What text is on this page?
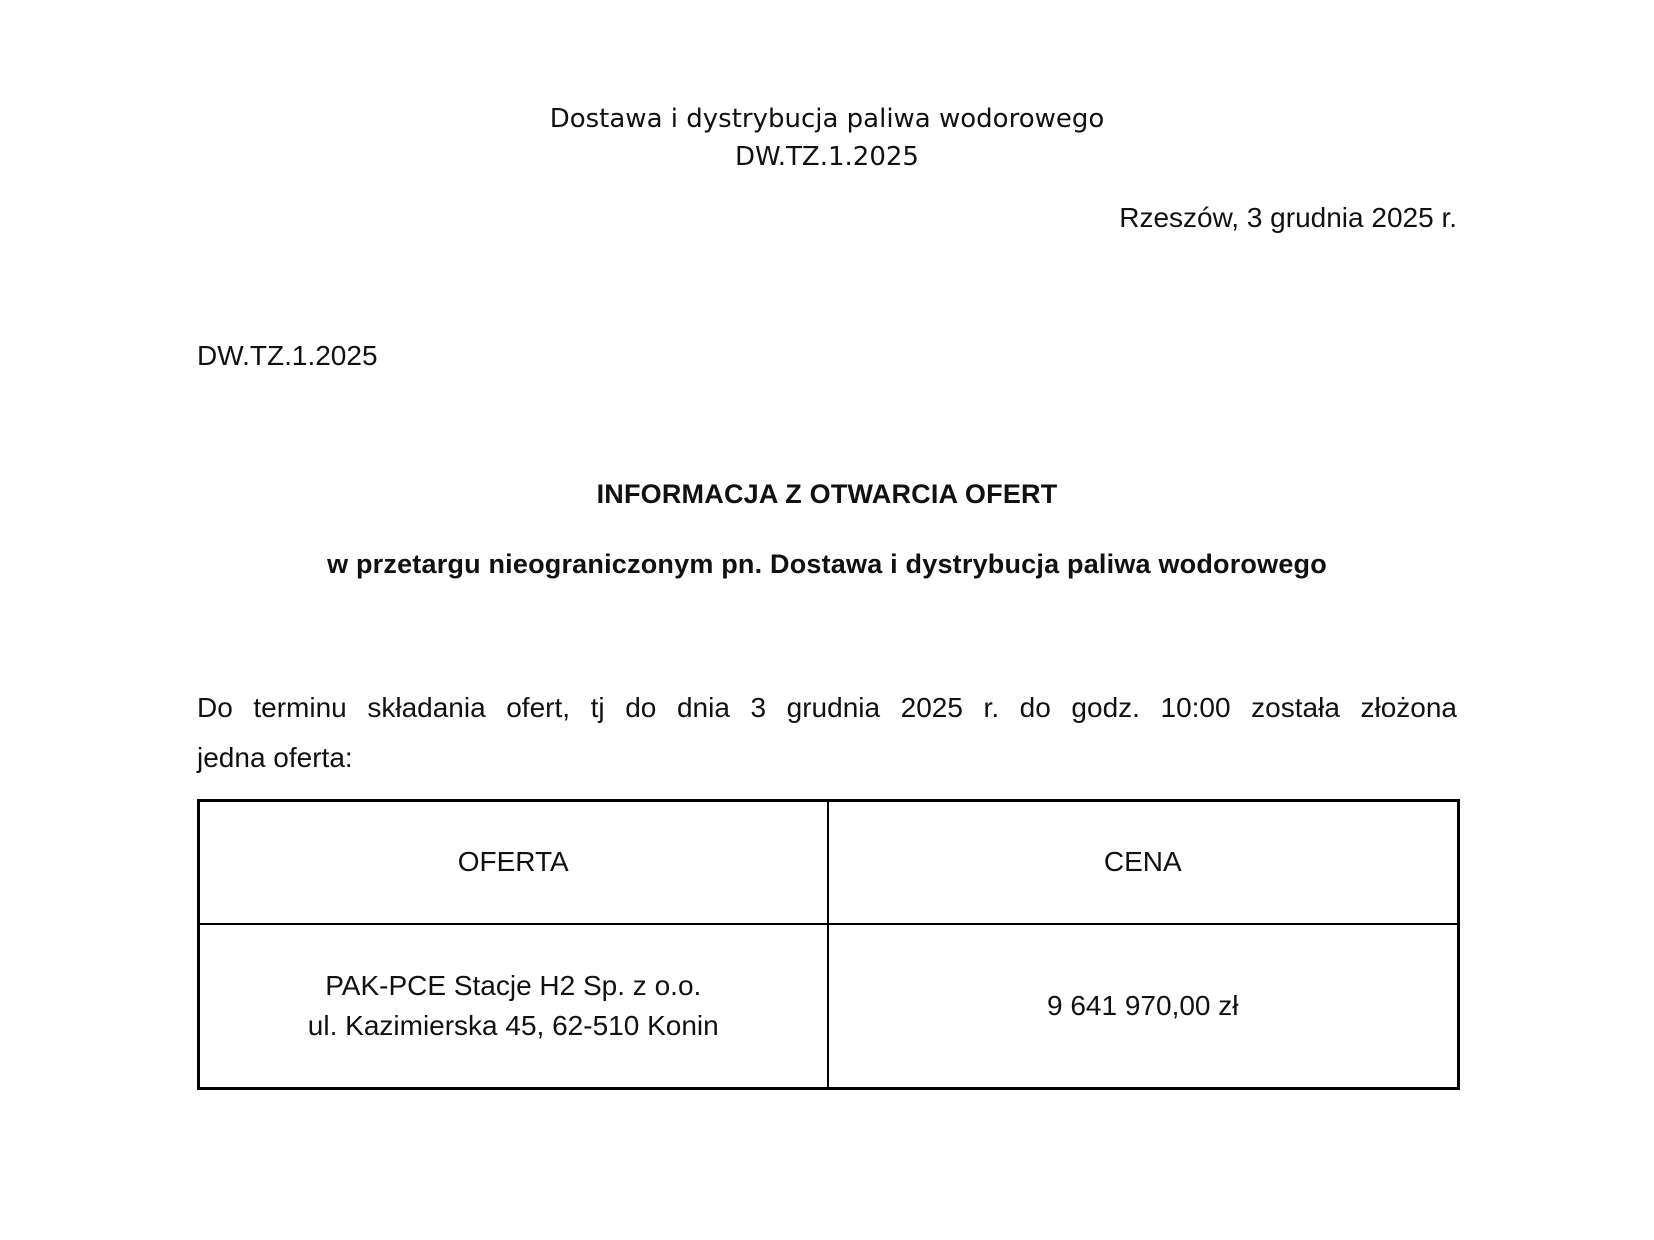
Dostawa i dystrybucja paliwa wodorowego
DW.TZ.1.2025
Rzeszów, 3 grudnia 2025 r.
DW.TZ.1.2025
INFORMACJA Z OTWARCIA OFERT
w przetargu nieograniczonym pn. Dostawa i dystrybucja paliwa wodorowego
Do terminu składania ofert, tj do dnia 3 grudnia 2025 r. do godz. 10:00 została złożona
jedna oferta:
OFERTA	CENA

PAK-PCE Stacje H2 Sp. z o.o.
ul. Kazimierska 45, 62-510 Konin	9 641 970,00 zł
